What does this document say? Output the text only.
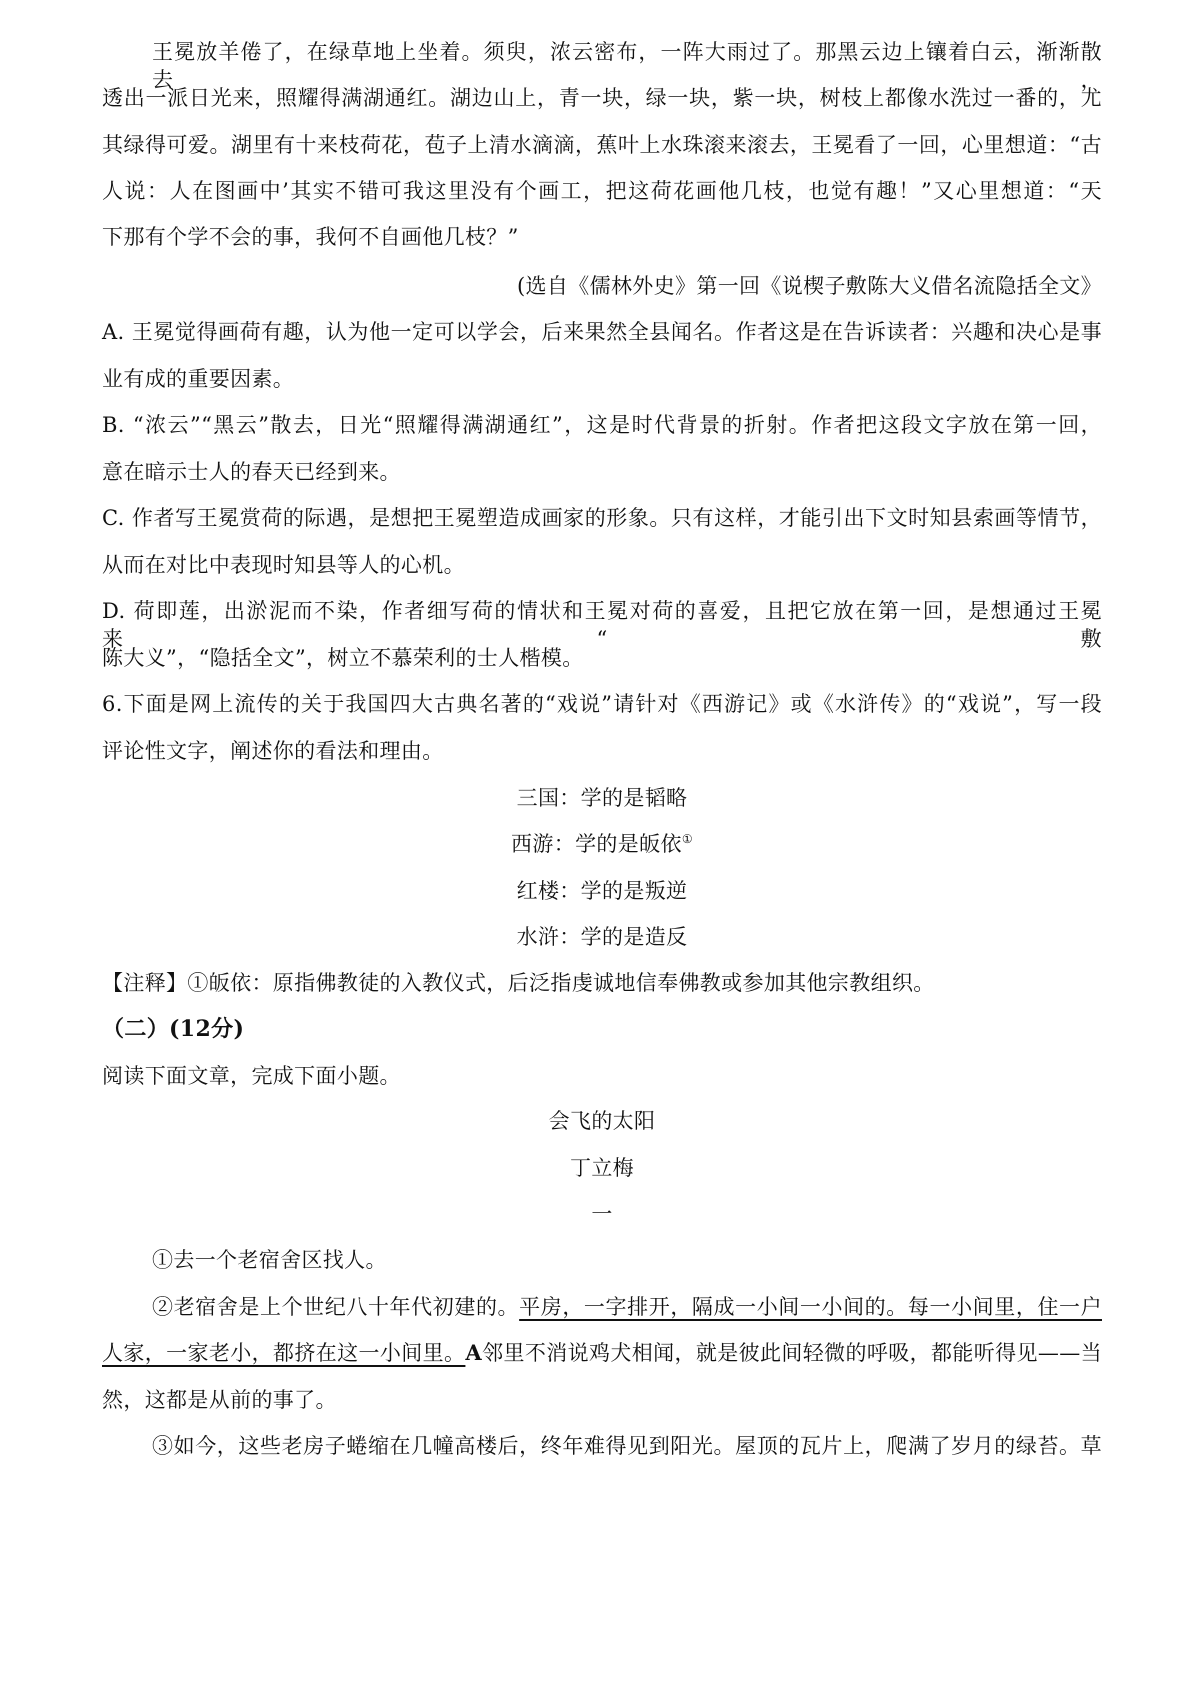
王冕放羊倦了，在绿草地上坐着。须臾，浓云密布，一阵大雨过了。那黑云边上镶着白云，渐渐散去，
透出一派日光来，照耀得满湖通红。湖边山上，青一块，绿一块，紫一块，树枝上都像水洗过一番的，尤
其绿得可爱。湖里有十来枝荷花，苞子上清水滴滴，蕉叶上水珠滚来滚去，王冕看了一回，心里想道：“古
人说：人在图画中’其实不错可我这里没有个画工，把这荷花画他几枝，也觉有趣！”又心里想道：“天
下那有个学不会的事，我何不自画他几枝？”
(选自《儒林外史》第一回《说楔子敷陈大义借名流隐括全文》
A. 王冕觉得画荷有趣，认为他一定可以学会，后来果然全县闻名。作者这是在告诉读者：兴趣和决心是事
业有成的重要因素。
B. “浓云”“黑云”散去，日光“照耀得满湖通红”，这是时代背景的折射。作者把这段文字放在第一回，
意在暗示士人的春天已经到来。
C. 作者写王冕赏荷的际遇，是想把王冕塑造成画家的形象。只有这样，才能引出下文时知县索画等情节，
从而在对比中表现时知县等人的心机。
D. 荷即莲，出淤泥而不染，作者细写荷的情状和王冕对荷的喜爱，且把它放在第一回，是想通过王冕来“敷
陈大义”，“隐括全文”，树立不慕荣利的士人楷模。
6.下面是网上流传的关于我国四大古典名著的“戏说”请针对《西游记》或《水浒传》的“戏说”，写一段
评论性文字，阐述你的看法和理由。
三国：学的是韬略
西游：学的是皈依①
红楼：学的是叛逆
水浒：学的是造反
【注释】①皈依：原指佛教徒的入教仪式，后泛指虔诚地信奉佛教或参加其他宗教组织。
（二）(12分)
阅读下面文章，完成下面小题。
会飞的太阳
丁立梅
一
①去一个老宿舍区找人。
②老宿舍是上个世纪八十年代初建的。平房，一字排开，隔成一小间一小间的。每一小间里，住一户
人家，一家老小，都挤在这一小间里。A邻里不消说鸡犬相闻，就是彼此间轻微的呼吸，都能听得见——当
然，这都是从前的事了。
③如今，这些老房子蜷缩在几幢高楼后，终年难得见到阳光。屋顶的瓦片上，爬满了岁月的绿苔。草
